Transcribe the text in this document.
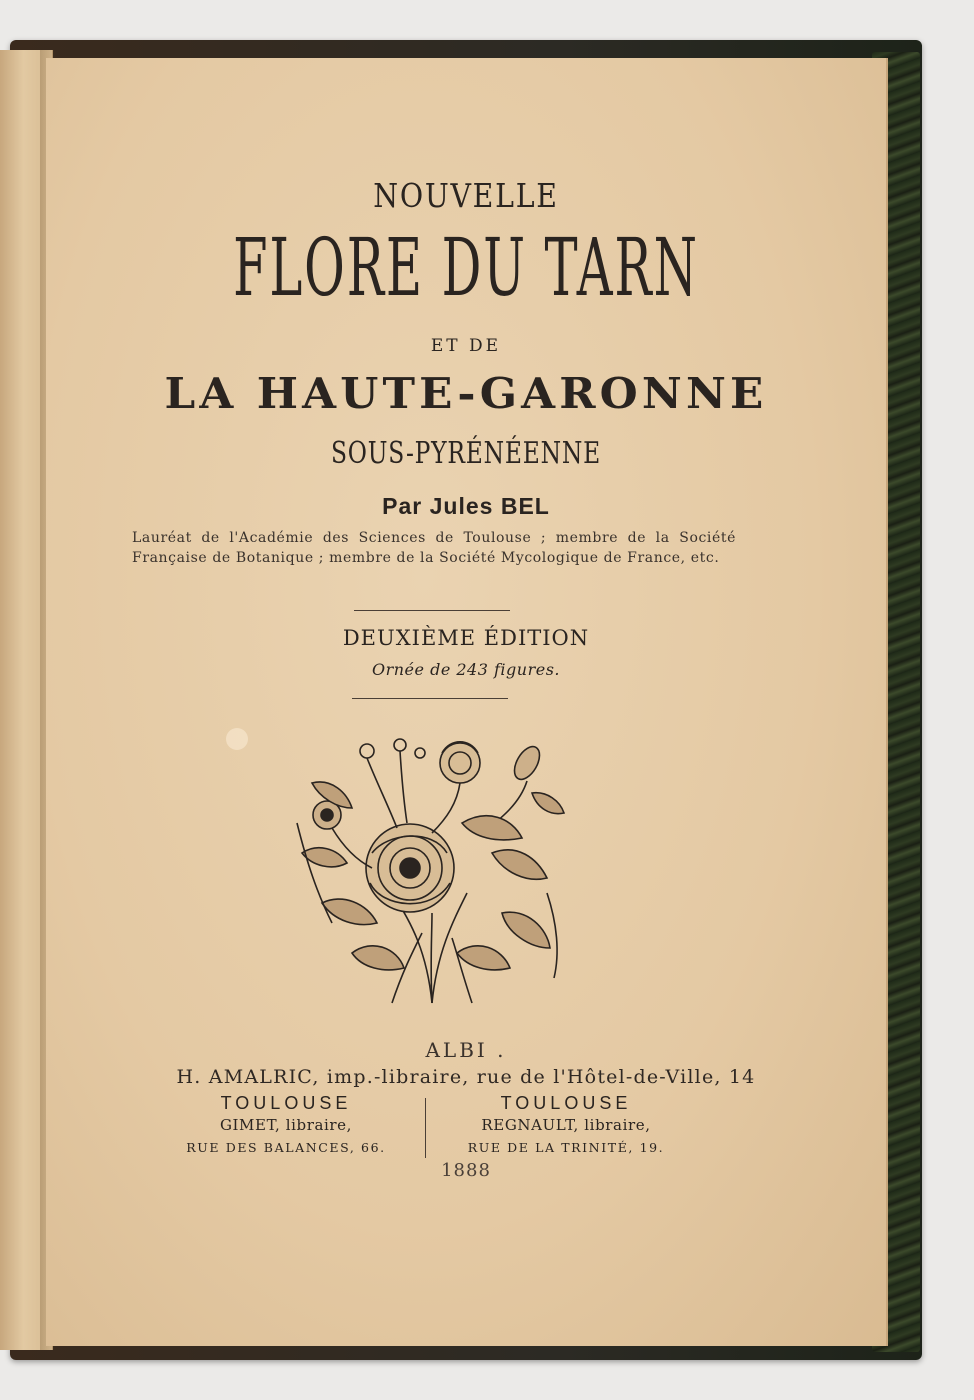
NOUVELLE
FLORE DU TARN
ET DE
LA HAUTE-GARONNE
SOUS-PYRÉNÉENNE
Par Jules BEL
Lauréat de l'Académie des Sciences de Toulouse ; membre de la Société Française de Botanique ; membre de la Société Mycologique de France, etc.
DEUXIÈME ÉDITION
Ornée de 243 figures.
ALBI .
H. AMALRIC, imp.-libraire, rue de l'Hôtel-de-Ville, 14
TOULOUSE
GIMET, libraire,
RUE DES BALANCES, 66.
TOULOUSE
REGNAULT, libraire,
RUE DE LA TRINITÉ, 19.
1888
